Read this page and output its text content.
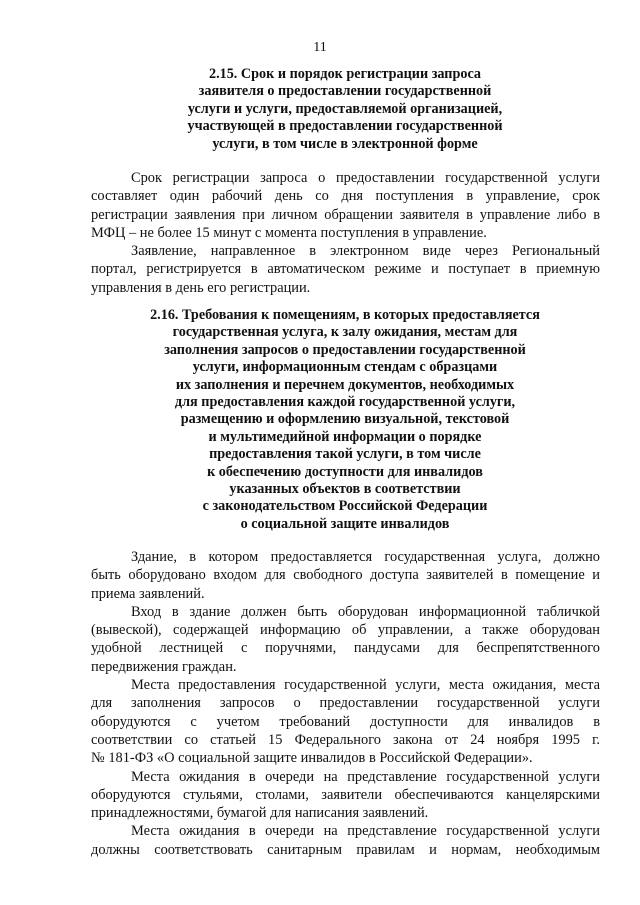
11
2.15. Срок и порядок регистрации запроса
заявителя о предоставлении государственной
услуги и услуги, предоставляемой организацией,
участвующей в предоставлении государственной
услуги, в том числе в электронной форме

Срок регистрации запроса о предоставлении государственной услуги
составляет один рабочий день со дня поступления в управление, срок
регистрации заявления при личном обращении заявителя в управление либо в
МФЦ – не более 15 минут с момента поступления в управление.

Заявление, направленное в электронном виде через Региональный
портал, регистрируется в автоматическом режиме и поступает в приемную
управления в день его регистрации.

2.16. Требования к помещениям, в которых предоставляется
государственная услуга, к залу ожидания, местам для
заполнения запросов о предоставлении государственной
услуги, информационным стендам с образцами
их заполнения и перечнем документов, необходимых
для предоставления каждой государственной услуги,
размещению и оформлению визуальной, текстовой
и мультимедийной информации о порядке
предоставления такой услуги, в том числе
к обеспечению доступности для инвалидов
указанных объектов в соответствии
с законодательством Российской Федерации
о социальной защите инвалидов

Здание, в котором предоставляется государственная услуга, должно
быть оборудовано входом для свободного доступа заявителей в помещение и
приема заявлений.

Вход в здание должен быть оборудован информационной табличкой
(вывеской), содержащей информацию об управлении, а также оборудован
удобной лестницей с поручнями, пандусами для беспрепятственного
передвижения граждан.

Места предоставления государственной услуги, места ожидания, места
для заполнения запросов о предоставлении государственной услуги
оборудуются с учетом требований доступности для инвалидов в
соответствии со статьей 15 Федерального закона от 24 ноября 1995 г.
№ 181-ФЗ «О социальной защите инвалидов в Российской Федерации».

Места ожидания в очереди на представление государственной услуги
оборудуются стульями, столами, заявители обеспечиваются канцелярскими
принадлежностями, бумагой для написания заявлений.

Места ожидания в очереди на представление государственной услуги
должны соответствовать санитарным правилам и нормам, необходимым
